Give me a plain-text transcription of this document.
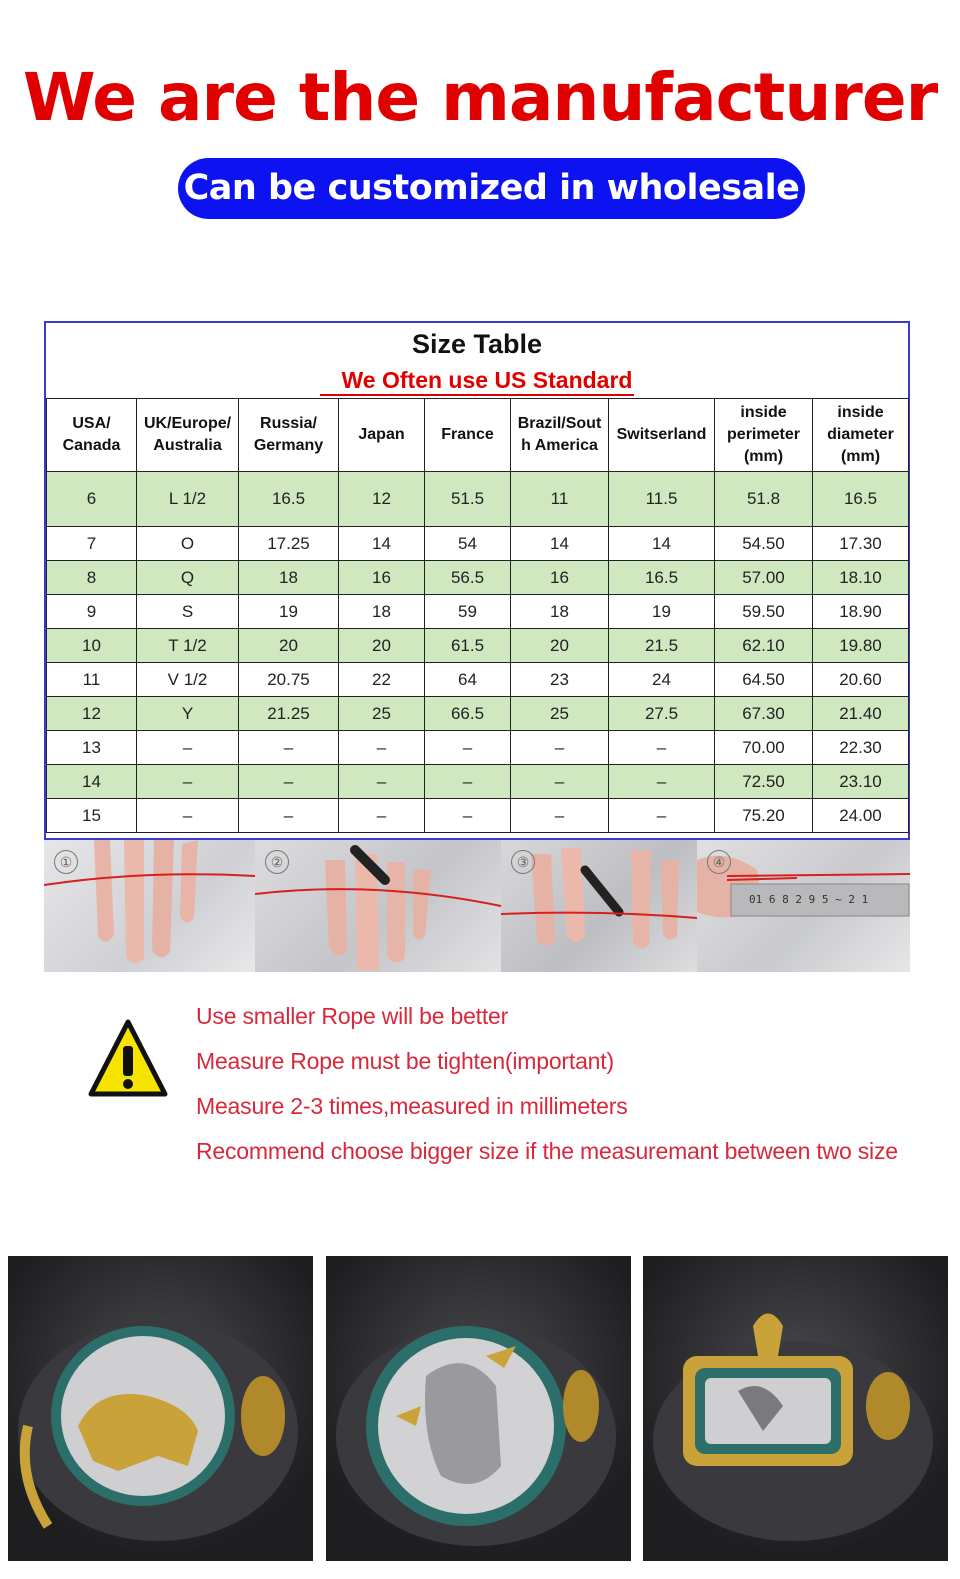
We are the manufacturer
Can be customized in wholesale
Size Table
We Often use US Standard
USA/
Canada	UK/Europe/
Australia	Russia/
Germany	Japan	France	Brazil/Sout
h America	Switserland	inside
perimeter
(mm)	inside
diameter
(mm)
6	L 1/2	16.5	12	51.5	11	11.5	51.8	16.5
7	O	17.25	14	54	14	14	54.50	17.30
8	Q	18	16	56.5	16	16.5	57.00	18.10
9	S	19	18	59	18	19	59.50	18.90
10	T 1/2	20	20	61.5	20	21.5	62.10	19.80
11	V 1/2	20.75	22	64	23	24	64.50	20.60
12	Y	21.25	25	66.5	25	27.5	67.30	21.40
13	–	–	–	–	–	–	70.00	22.30
14	–	–	–	–	–	–	72.50	23.10
15	–	–	–	–	–	–	75.20	24.00
①	②	③
01 6 8 2 9 5 ~ 2 1
④
Use smaller Rope will be better
Measure Rope must be tighten(important)
Measure 2-3 times,measured in millimeters
Recommend choose bigger size if the measuremant between two size
